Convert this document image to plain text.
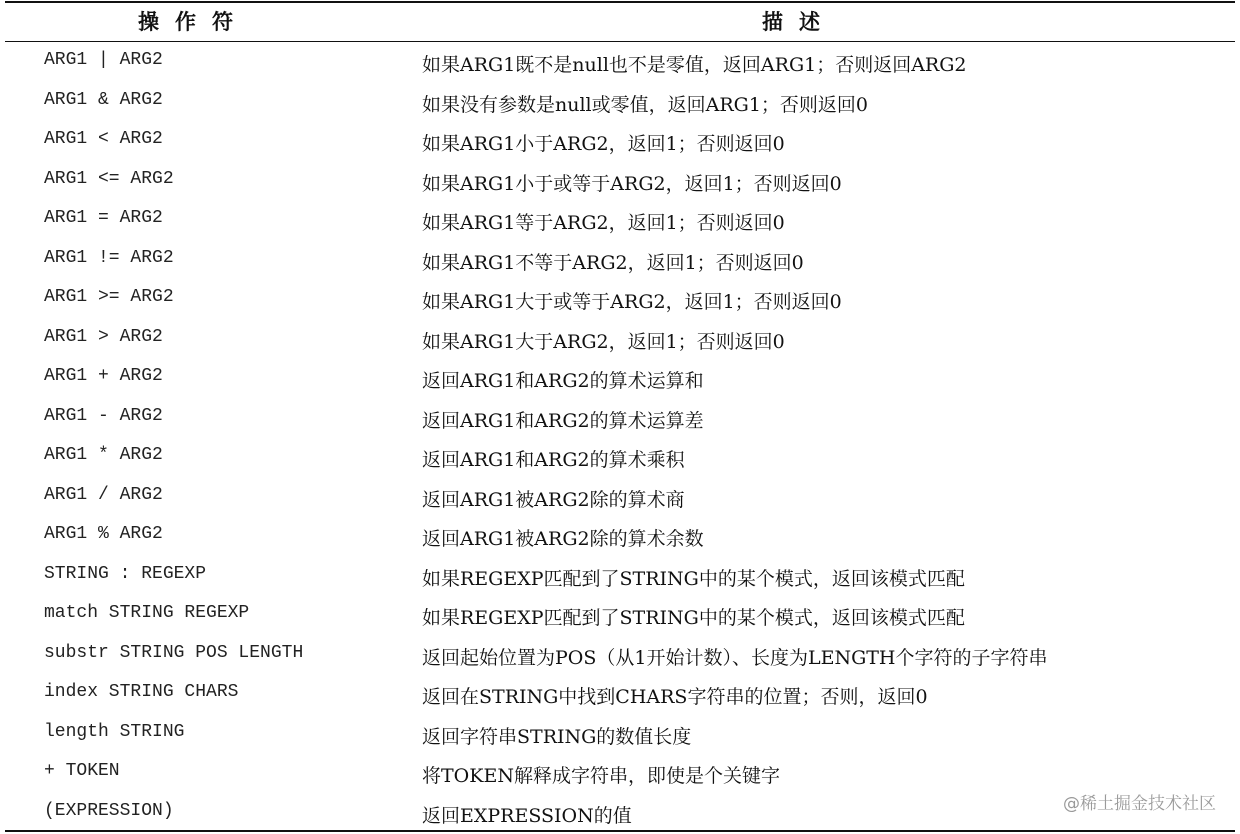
操作符	描述
ARG1 | ARG2	如果ARG1既不是null也不是零值，返回ARG1；否则返回ARG2
ARG1 & ARG2	如果没有参数是null或零值，返回ARG1；否则返回0
ARG1 < ARG2	如果ARG1小于ARG2，返回1；否则返回0
ARG1 <= ARG2	如果ARG1小于或等于ARG2，返回1；否则返回0
ARG1 = ARG2	如果ARG1等于ARG2，返回1；否则返回0
ARG1 != ARG2	如果ARG1不等于ARG2，返回1；否则返回0
ARG1 >= ARG2	如果ARG1大于或等于ARG2，返回1；否则返回0
ARG1 > ARG2	如果ARG1大于ARG2，返回1；否则返回0
ARG1 + ARG2	返回ARG1和ARG2的算术运算和
ARG1 - ARG2	返回ARG1和ARG2的算术运算差
ARG1 * ARG2	返回ARG1和ARG2的算术乘积
ARG1 / ARG2	返回ARG1被ARG2除的算术商
ARG1 % ARG2	返回ARG1被ARG2除的算术余数
STRING : REGEXP	如果REGEXP匹配到了STRING中的某个模式，返回该模式匹配
match STRING REGEXP	如果REGEXP匹配到了STRING中的某个模式，返回该模式匹配
substr STRING POS LENGTH	返回起始位置为POS（从1开始计数）、长度为LENGTH个字符的子字符串
index STRING CHARS	返回在STRING中找到CHARS字符串的位置；否则，返回0
length STRING	返回字符串STRING的数值长度
+ TOKEN	将TOKEN解释成字符串，即使是个关键字
(EXPRESSION)	返回EXPRESSION的值
@稀土掘金技术社区
